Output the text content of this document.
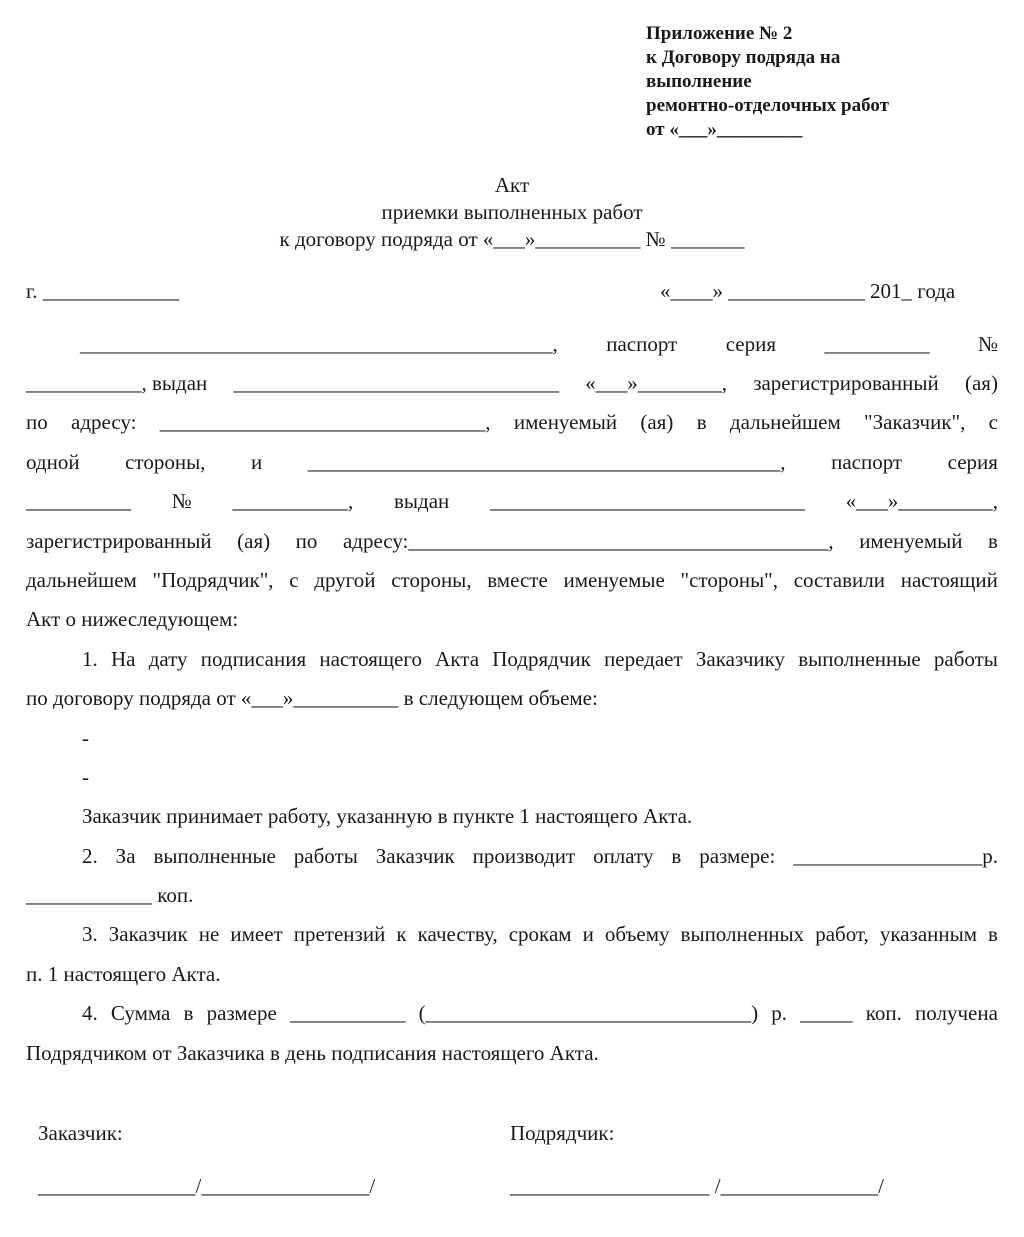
Приложение № 2
к Договору подряда на
выполнение
ремонтно-отделочных работ
от «___»_________
Акт
приемки выполненных работ
к договору подряда от «___»__________ № _______
г. _____________	«____» _____________ 201_ года
_____________________________________________, паспорт серия __________ №
___________, выдан _______________________________ «___»________, зарегистрированный (ая)
по адресу: _______________________________, именуемый (ая) в дальнейшем "Заказчик", с
одной стороны, и _____________________________________________, паспорт серия
__________ № ___________, выдан ______________________________ «___»_________,
зарегистрированный (ая) по адресу:________________________________________, именуемый в
дальнейшем "Подрядчик", с другой стороны, вместе именуемые "стороны", составили настоящий
Акт о нижеследующем:
1. На дату подписания настоящего Акта Подрядчик передает Заказчику выполненные работы
по договору подряда от «___»__________ в следующем объеме:
-
-
Заказчик принимает работу, указанную в пункте 1 настоящего Акта.
2. За выполненные работы Заказчик производит оплату в размере: __________________р.
____________ коп.
3. Заказчик не имеет претензий к качеству, срокам и объему выполненных работ, указанным в
п. 1 настоящего Акта.
4. Сумма в размере ___________ (_______________________________) р. _____ коп. получена
Подрядчиком от Заказчика в день подписания настоящего Акта.
Заказчик:	Подрядчик:
_______________/________________/	___________________ /_______________/
